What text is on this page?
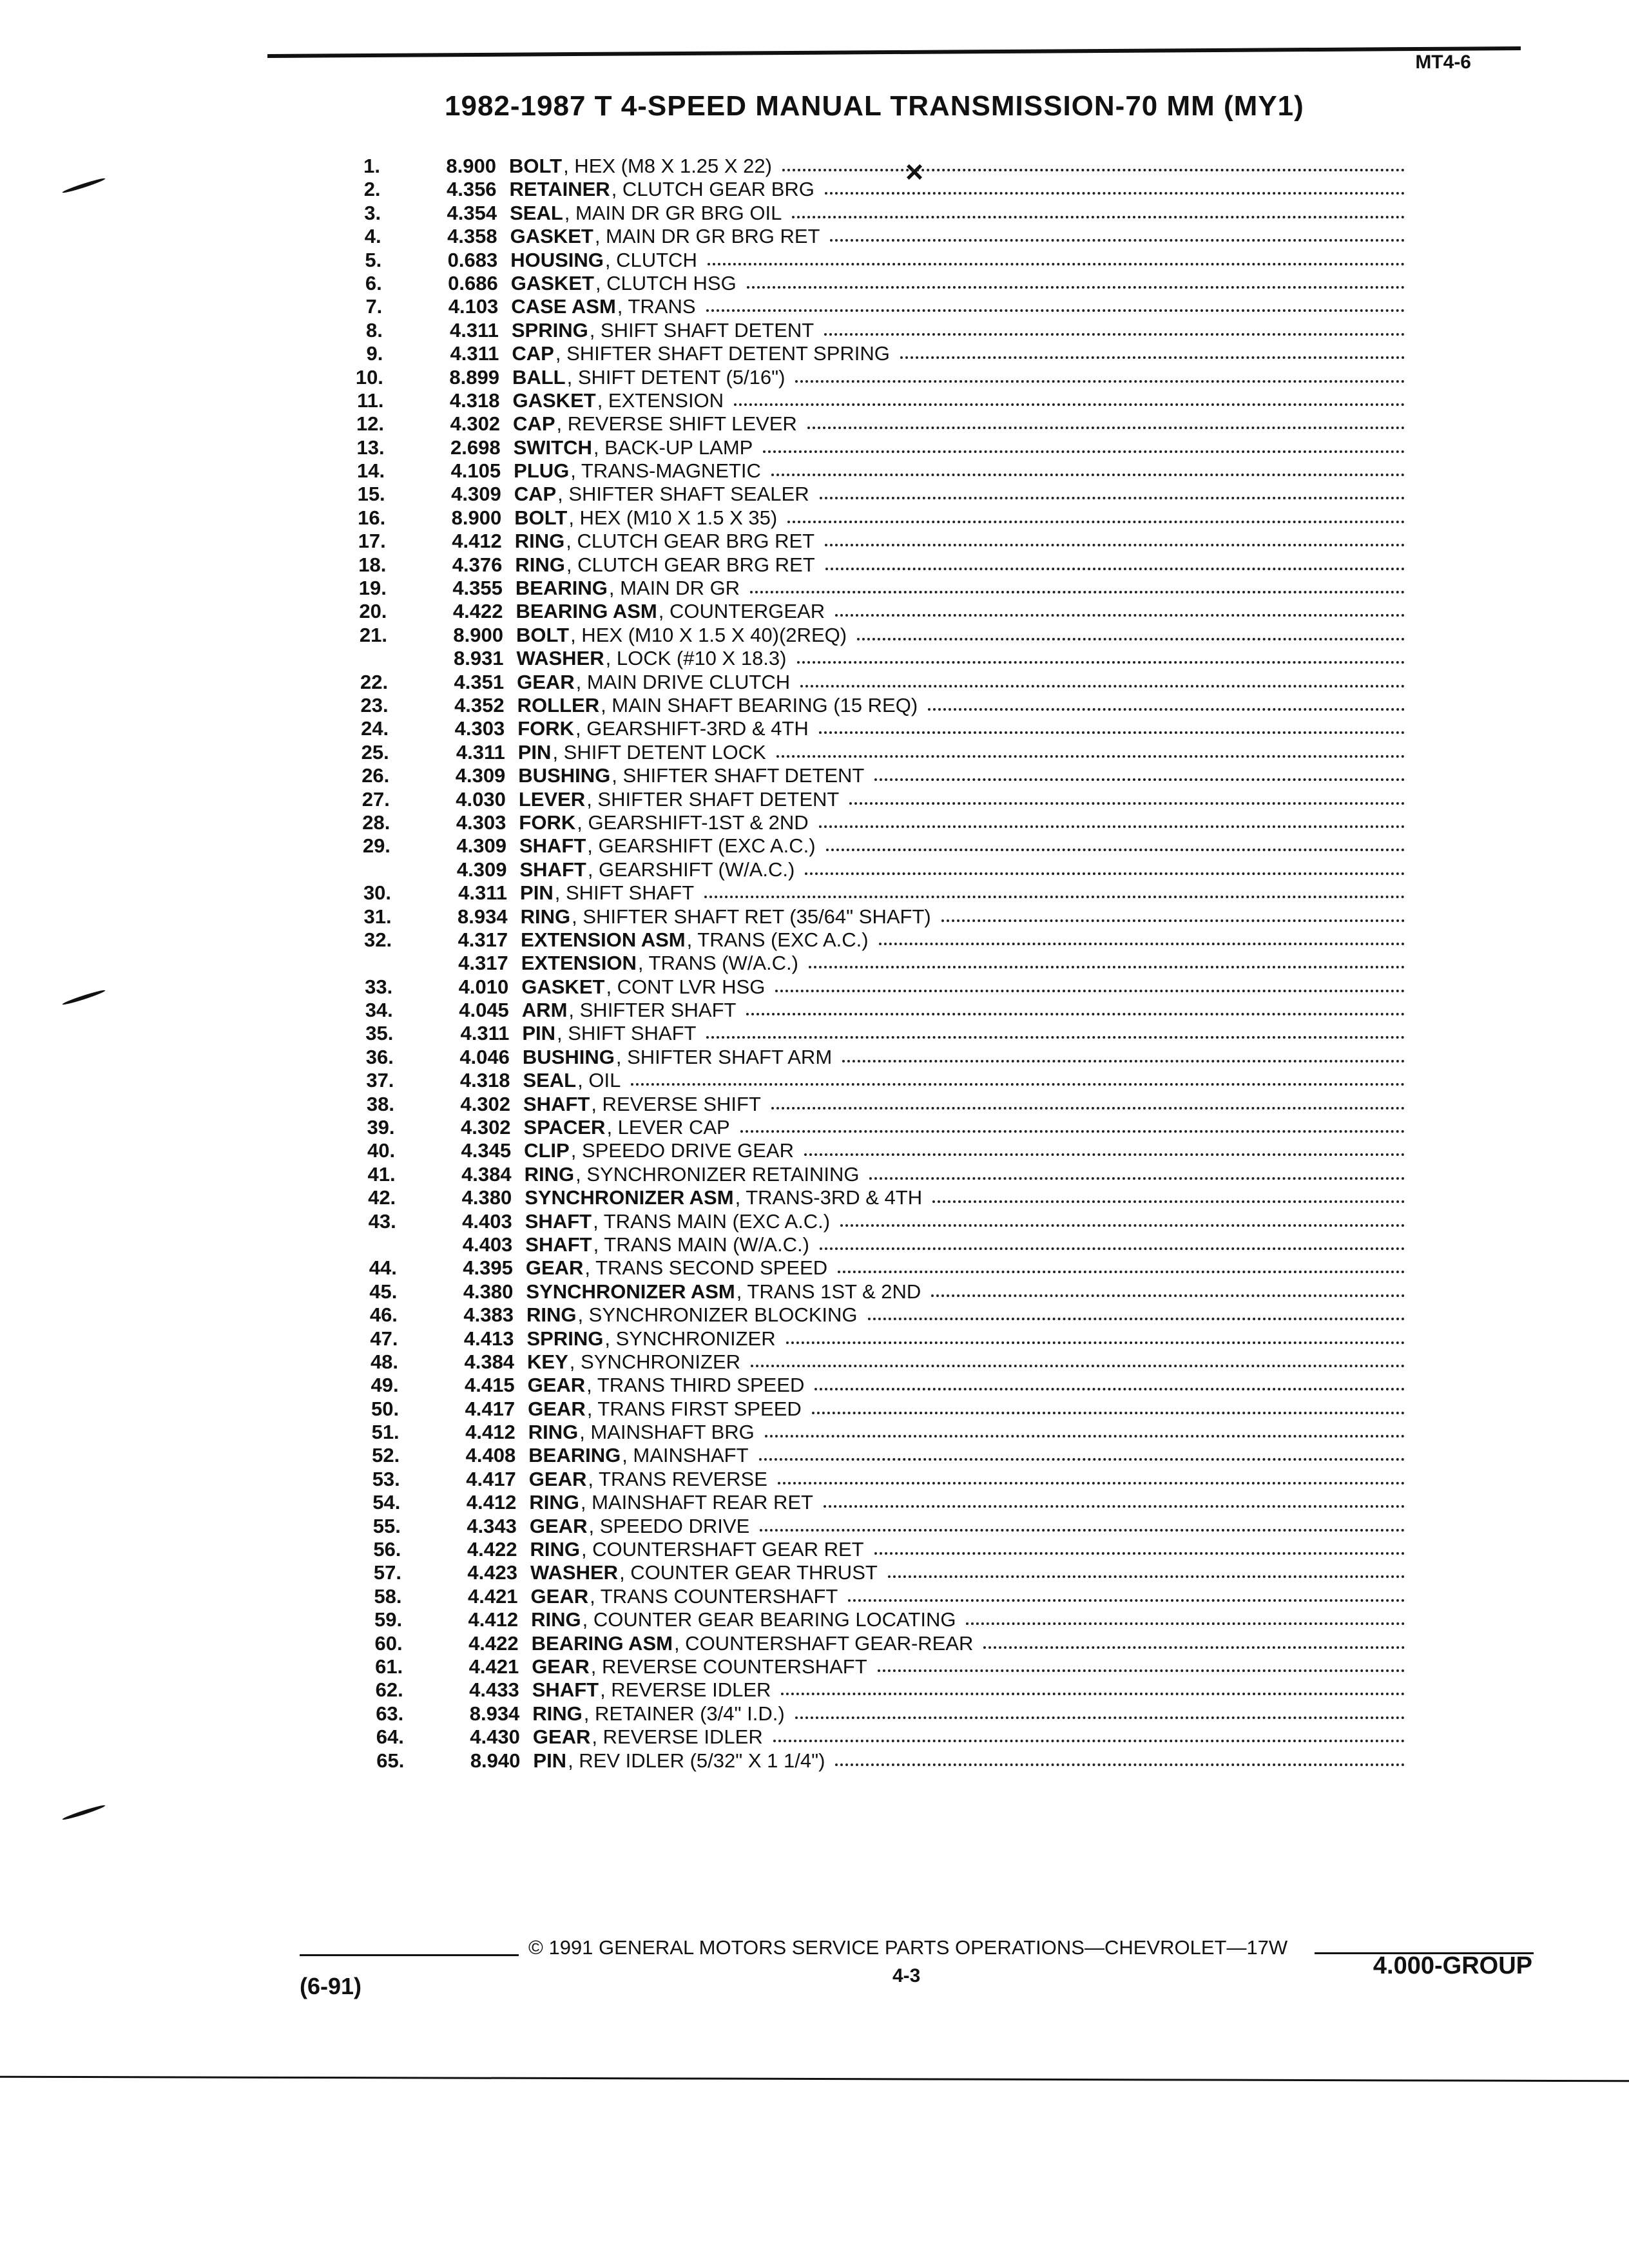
MT4-6
1982-1987 T 4-SPEED MANUAL TRANSMISSION-70 MM (MY1)
×
1.	8.900 BOLT , HEX (M8 X 1.25 X 22)
2.	4.356 RETAINER , CLUTCH GEAR BRG
3.	4.354 SEAL , MAIN DR GR BRG OIL
4.	4.358 GASKET , MAIN DR GR BRG RET
5.	0.683 HOUSING , CLUTCH
6.	0.686 GASKET , CLUTCH HSG
7.	4.103 CASE ASM , TRANS
8.	4.311 SPRING , SHIFT SHAFT DETENT
9.	4.311 CAP , SHIFTER SHAFT DETENT SPRING
10.	8.899 BALL , SHIFT DETENT (5/16")
11.	4.318 GASKET , EXTENSION
12.	4.302 CAP , REVERSE SHIFT LEVER
13.	2.698 SWITCH , BACK-UP LAMP
14.	4.105 PLUG , TRANS-MAGNETIC
15.	4.309 CAP , SHIFTER SHAFT SEALER
16.	8.900 BOLT , HEX (M10 X 1.5 X 35)
17.	4.412 RING , CLUTCH GEAR BRG RET
18.	4.376 RING , CLUTCH GEAR BRG RET
19.	4.355 BEARING , MAIN DR GR
20.	4.422 BEARING ASM , COUNTERGEAR
21.	8.900 BOLT , HEX (M10 X 1.5 X 40)(2REQ)
8.931 WASHER , LOCK (#10 X 18.3)
22.	4.351 GEAR , MAIN DRIVE CLUTCH
23.	4.352 ROLLER , MAIN SHAFT BEARING (15 REQ)
24.	4.303 FORK , GEARSHIFT-3RD & 4TH
25.	4.311 PIN , SHIFT DETENT LOCK
26.	4.309 BUSHING , SHIFTER SHAFT DETENT
27.	4.030 LEVER , SHIFTER SHAFT DETENT
28.	4.303 FORK , GEARSHIFT-1ST & 2ND
29.	4.309 SHAFT , GEARSHIFT (EXC A.C.)
4.309 SHAFT , GEARSHIFT (W/A.C.)
30.	4.311 PIN , SHIFT SHAFT
31.	8.934 RING , SHIFTER SHAFT RET (35/64" SHAFT)
32.	4.317 EXTENSION ASM , TRANS (EXC A.C.)
4.317 EXTENSION , TRANS (W/A.C.)
33.	4.010 GASKET , CONT LVR HSG
34.	4.045 ARM , SHIFTER SHAFT
35.	4.311 PIN , SHIFT SHAFT
36.	4.046 BUSHING , SHIFTER SHAFT ARM
37.	4.318 SEAL , OIL
38.	4.302 SHAFT , REVERSE SHIFT
39.	4.302 SPACER , LEVER CAP
40.	4.345 CLIP , SPEEDO DRIVE GEAR
41.	4.384 RING , SYNCHRONIZER RETAINING
42.	4.380 SYNCHRONIZER ASM , TRANS-3RD & 4TH
43.	4.403 SHAFT , TRANS MAIN (EXC A.C.)
4.403 SHAFT , TRANS MAIN (W/A.C.)
44.	4.395 GEAR , TRANS SECOND SPEED
45.	4.380 SYNCHRONIZER ASM , TRANS 1ST & 2ND
46.	4.383 RING , SYNCHRONIZER BLOCKING
47.	4.413 SPRING , SYNCHRONIZER
48.	4.384 KEY , SYNCHRONIZER
49.	4.415 GEAR , TRANS THIRD SPEED
50.	4.417 GEAR , TRANS FIRST SPEED
51.	4.412 RING , MAINSHAFT BRG
52.	4.408 BEARING , MAINSHAFT
53.	4.417 GEAR , TRANS REVERSE
54.	4.412 RING , MAINSHAFT REAR RET
55.	4.343 GEAR , SPEEDO DRIVE
56.	4.422 RING , COUNTERSHAFT GEAR RET
57.	4.423 WASHER , COUNTER GEAR THRUST
58.	4.421 GEAR , TRANS COUNTERSHAFT
59.	4.412 RING , COUNTER GEAR BEARING LOCATING
60.	4.422 BEARING ASM , COUNTERSHAFT GEAR-REAR
61.	4.421 GEAR , REVERSE COUNTERSHAFT
62.	4.433 SHAFT , REVERSE IDLER
63.	8.934 RING , RETAINER (3/4" I.D.)
64.	4.430 GEAR , REVERSE IDLER
65.	8.940 PIN , REV IDLER (5/32" X 1 1/4")
© 1991 GENERAL MOTORS SERVICE PARTS OPERATIONS—CHEVROLET—17W
(6-91)	4-3	4.000-GROUP
